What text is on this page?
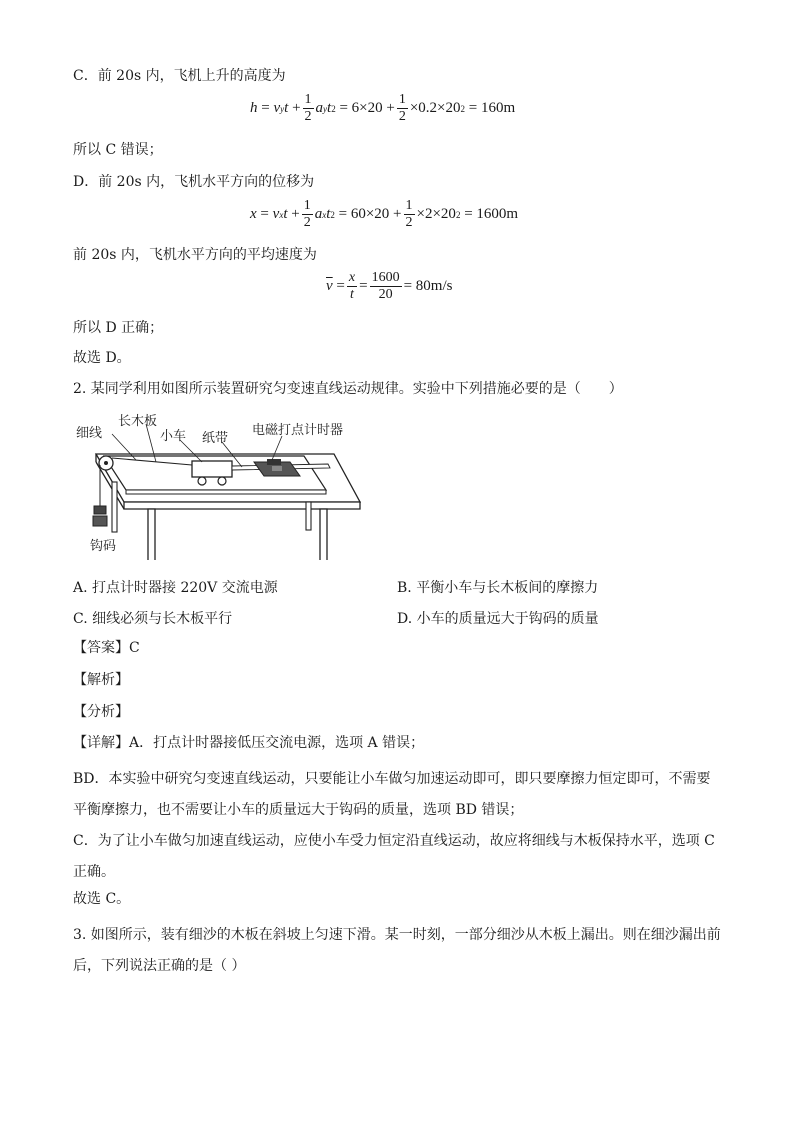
C．前 20s 内，飞机上升的高度为
h
=
v y t
+ $\frac{1}{2}$ a y t 2
= $6\times 20 + \frac{1}{2} \times 0.2\times 20$ 2
= 160m
所以 C 错误；
D．前 20s 内，飞机水平方向的位移为
x
=
v x t
+ $\frac{1}{2}$ a x t 2
= $60\times 20 + \frac{1}{2} \times 2\times 20$ 2
= 1600m
前 20s 内，飞机水平方向的平均速度为
$\overline{v}$
= $\frac{x}{t} = \frac{1600}{20} = 80m/s$
所以 D 正确；
故选 D。
2. 某同学利用如图所示装置研究匀变速直线运动规律。实验中下列措施必要的是（　　）
细线
长木板
小车 纸带
电磁打点计时器
钩码
A. 打点计时器接 220V 交流电源	B. 平衡小车与长木板间的摩擦力
C. 细线必须与长木板平行	D. 小车的质量远大于钩码的质量
【答案】C
【解析】
【分析】
【详解】A．打点计时器接低压交流电源，选项 A 错误；
BD．本实验中研究匀变速直线运动，只要能让小车做匀加速运动即可，即只要摩擦力恒定即可，不需要平衡摩擦力，也不需要让小车的质量远大于钩码的质量，选项 BD 错误；
C．为了让小车做匀加速直线运动，应使小车受力恒定沿直线运动，故应将细线与木板保持水平，选项 C 正确。
故选 C。
3. 如图所示，装有细沙的木板在斜坡上匀速下滑。某一时刻，一部分细沙从木板上漏出。则在细沙漏出前后，下列说法正确的是（ ）
